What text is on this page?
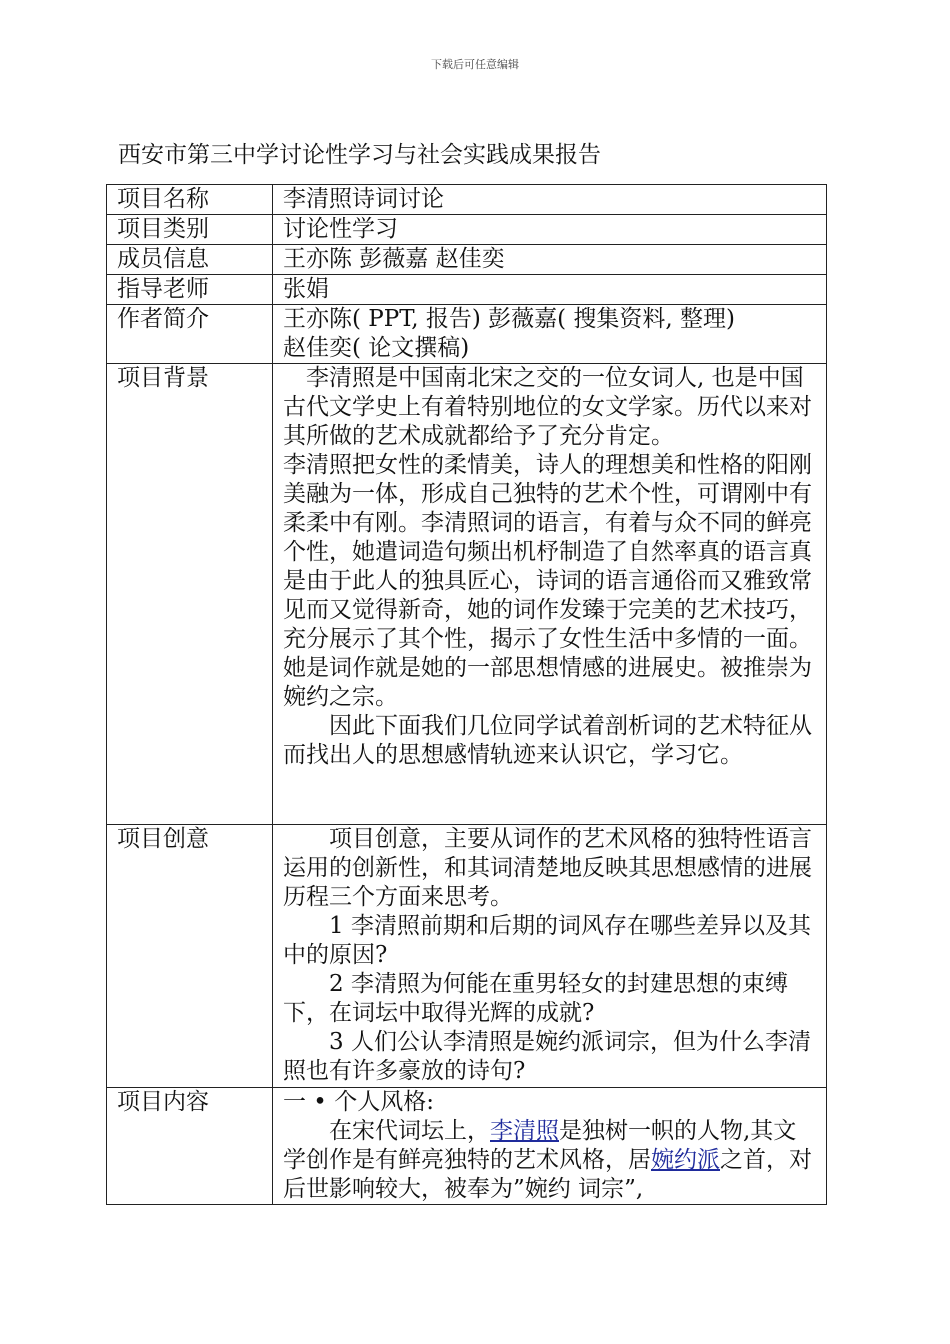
下载后可任意编辑
西安市第三中学讨论性学习与社会实践成果报告
项目名称	李清照诗词讨论
项目类别	讨论性学习
成员信息	王亦陈 彭薇嘉 赵佳奕
指导老师	张娟
作者简介	王亦陈( PPT, 报告) 彭薇嘉( 搜集资料, 整理)
赵佳奕( 论文撰稿)

项目背景	李清照是中国南北宋之交的一位女词人, 也是中国古代文学史上有着特别地位的女文学家。历代以来对其所做的艺术成就都给予了充分肯定。
李清照把女性的柔情美，诗人的理想美和性格的阳刚美融为一体，形成自己独特的艺术个性，可谓刚中有柔柔中有刚。李清照词的语言，有着与众不同的鲜亮个性，她遣词造句频出机杼制造了自然率真的语言真是由于此人的独具匠心，诗词的语言通俗而又雅致常见而又觉得新奇，她的词作发臻于完美的艺术技巧，充分展示了其个性，揭示了女性生活中多情的一面。她是词作就是她的一部思想情感的进展史。被推崇为婉约之宗。
因此下面我们几位同学试着剖析词的艺术特征从而找出人的思想感情轨迹来认识它，学习它。

项目创意	项目创意，主要从词作的艺术风格的独特性语言运用的创新性，和其词清楚地反映其思想感情的进展历程三个方面来思考。
1 李清照前期和后期的词风存在哪些差异以及其中的原因?
2 李清照为何能在重男轻女的封建思想的束缚下，在词坛中取得光辉的成就?
3 人们公认李清照是婉约派词宗，但为什么李清照也有许多豪放的诗句?

项目内容	一 • 个人风格:
在宋代词坛上，李清照是独树一帜的人物,其文学创作是有鲜亮独特的艺术风格，居婉约派之首，对后世影响较大，被奉为”婉约 词宗”,
